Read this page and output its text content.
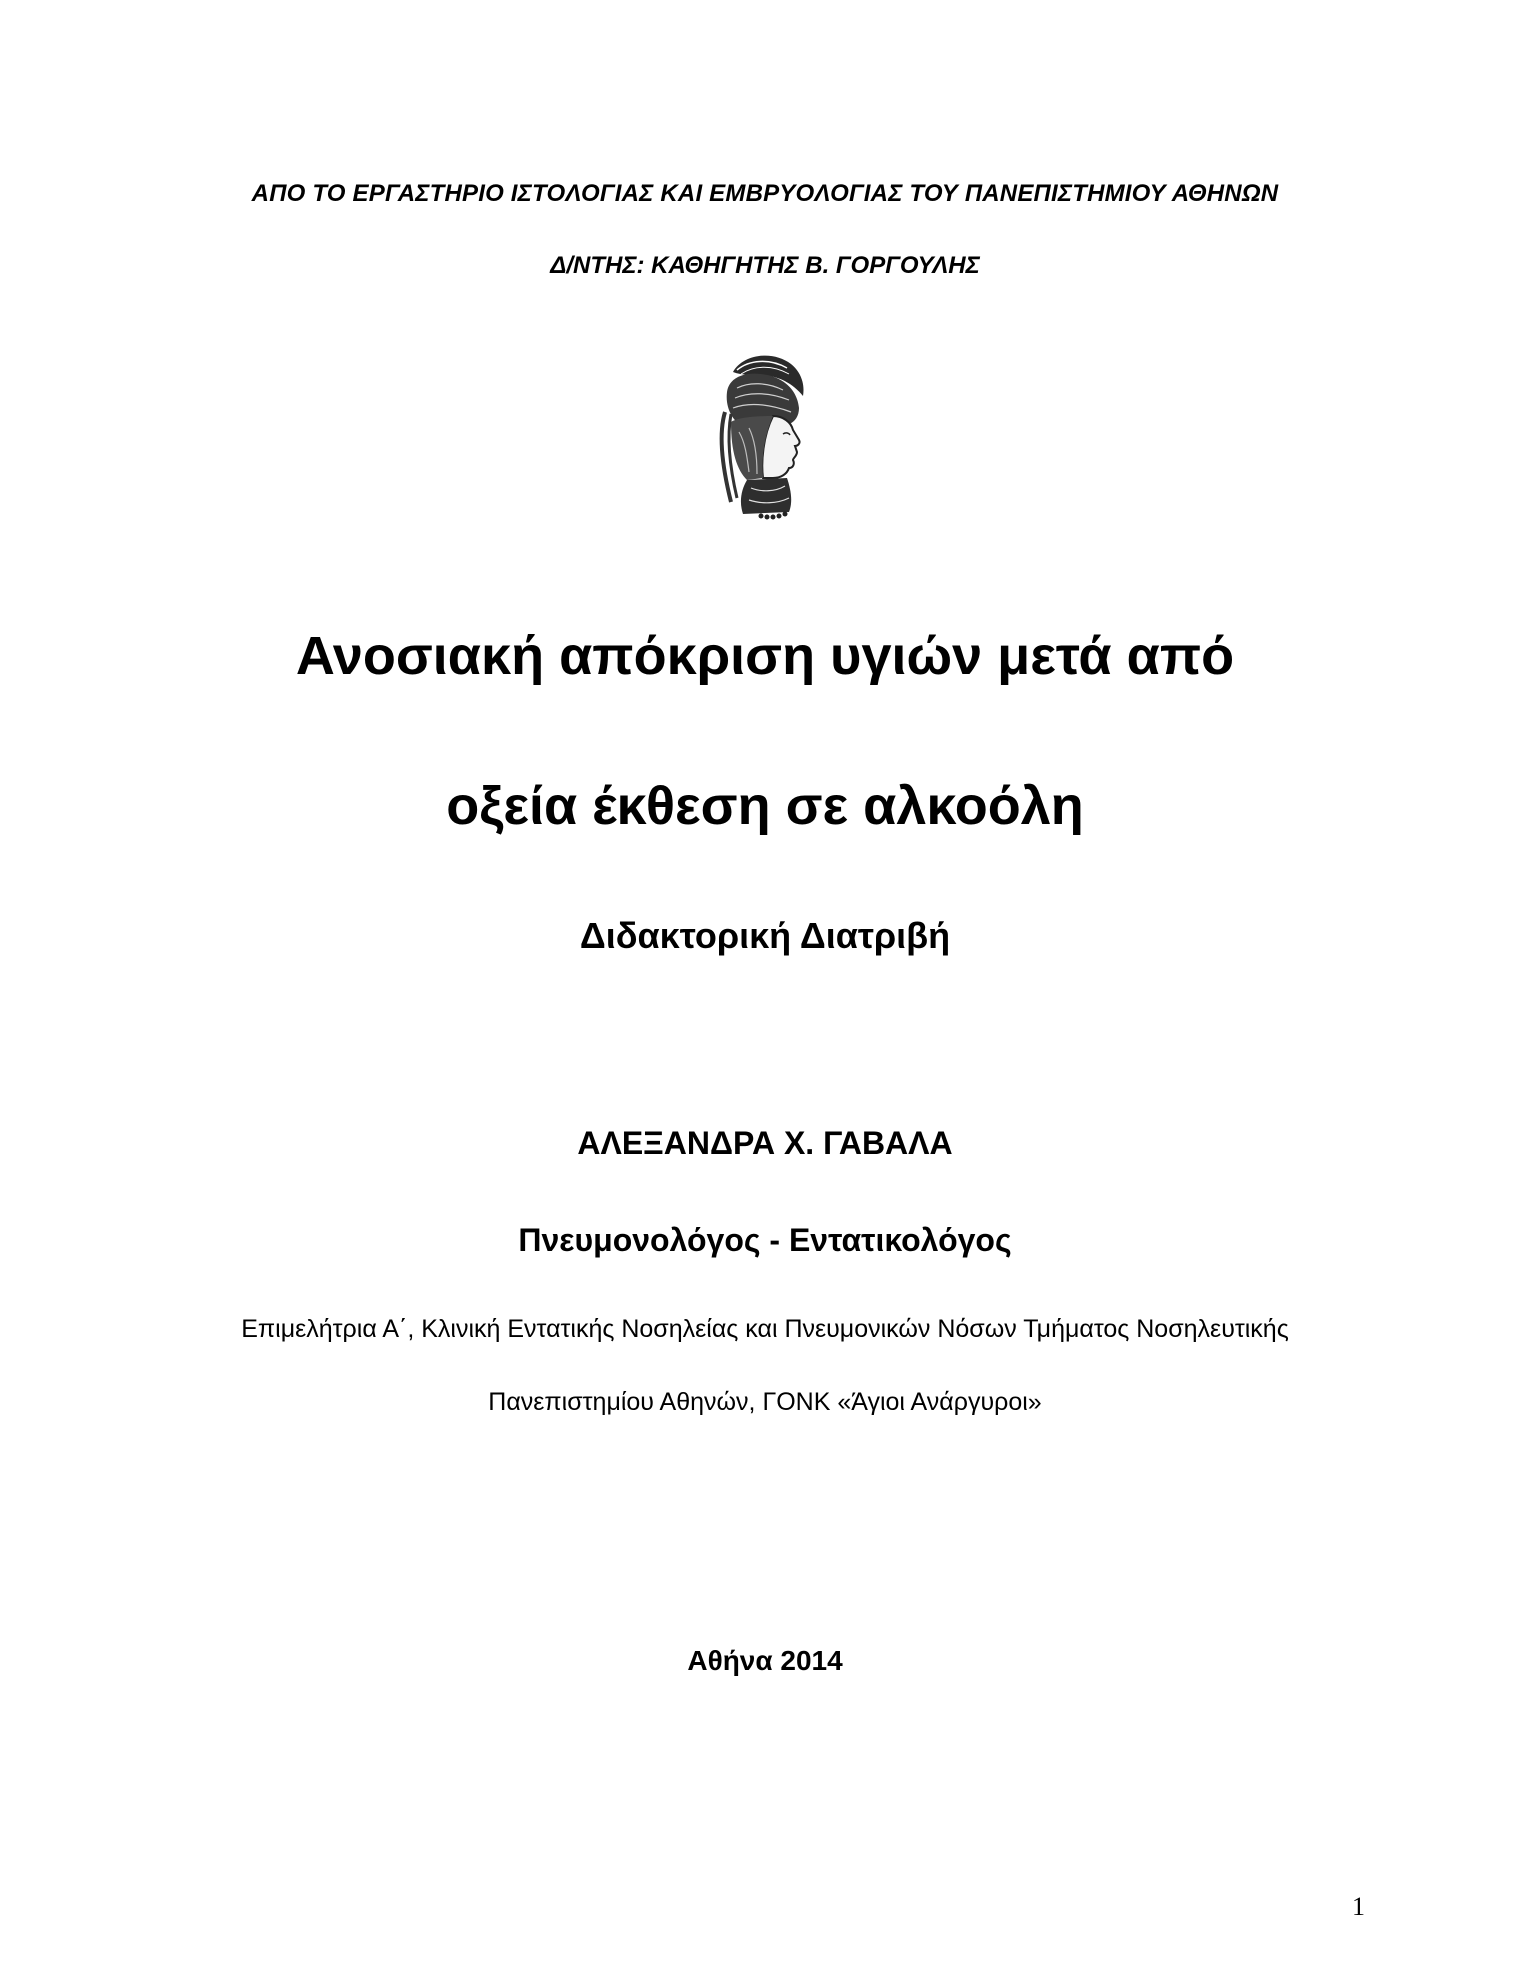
ΑΠΟ ΤΟ ΕΡΓΑΣΤΗΡΙΟ ΙΣΤΟΛΟΓΙΑΣ ΚΑΙ ΕΜΒΡΥΟΛΟΓΙΑΣ ΤΟΥ ΠΑΝΕΠΙΣΤΗΜΙΟΥ ΑΘΗΝΩΝ
Δ/ΝΤΗΣ: ΚΑΘΗΓΗΤΗΣ Β. ΓΟΡΓΟΥΛΗΣ
Ανοσιακή απόκριση υγιών μετά από
οξεία έκθεση σε αλκοόλη
Διδακτορική Διατριβή
ΑΛΕΞΑΝΔΡΑ Χ. ΓΑΒΑΛΑ
Πνευμονολόγος - Εντατικολόγος
Επιμελήτρια Α΄, Κλινική Εντατικής Νοσηλείας και Πνευμονικών Νόσων Τμήματος Νοσηλευτικής
Πανεπιστημίου Αθηνών, ΓΟΝΚ «Άγιοι Ανάργυροι»
Αθήνα 2014
1
